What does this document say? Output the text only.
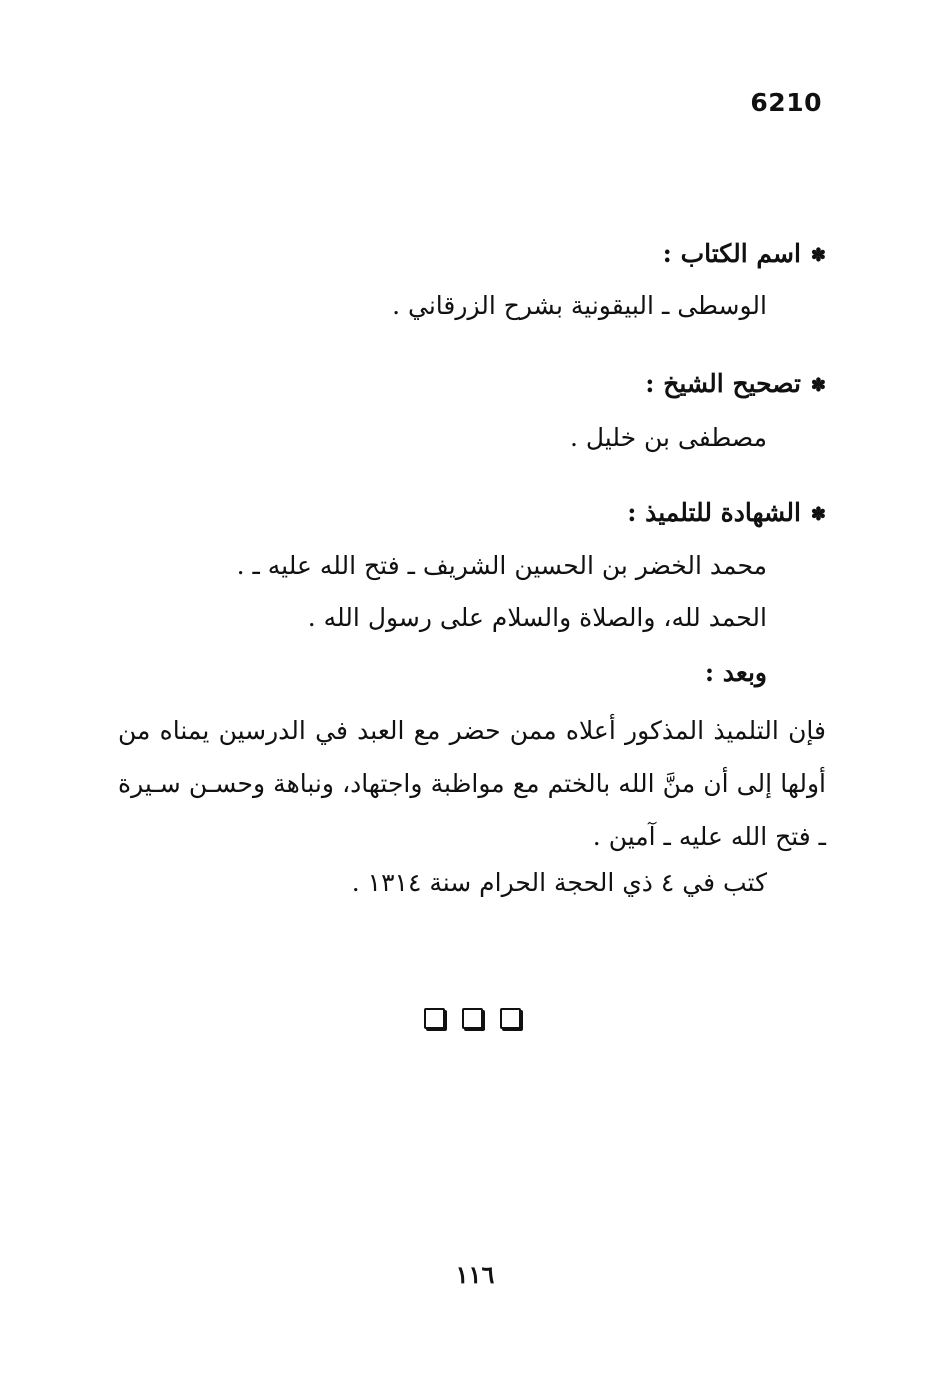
6210
✽اسم الكتاب :
الوسطى ـ البيقونية بشرح الزرقاني .
✽تصحيح الشيخ :
مصطفى بن خليل .
✽الشهادة للتلميذ :
محمد الخضر بن الحسين الشريف ـ فتح الله عليه ـ .
الحمد لله، والصلاة والسلام على رسول الله .
وبعد :
فإن التلميذ المذكور أعلاه ممن حضر مع العبد في الدرسين يمناه من أولها إلى أن منَّ الله بالختم مع مواظبة واجتهاد، ونباهة وحسـن سـيرة ـ فتح الله عليه ـ آمين .
كتب في ٤ ذي الحجة الحرام سنة ١٣١٤ .
١١٦
